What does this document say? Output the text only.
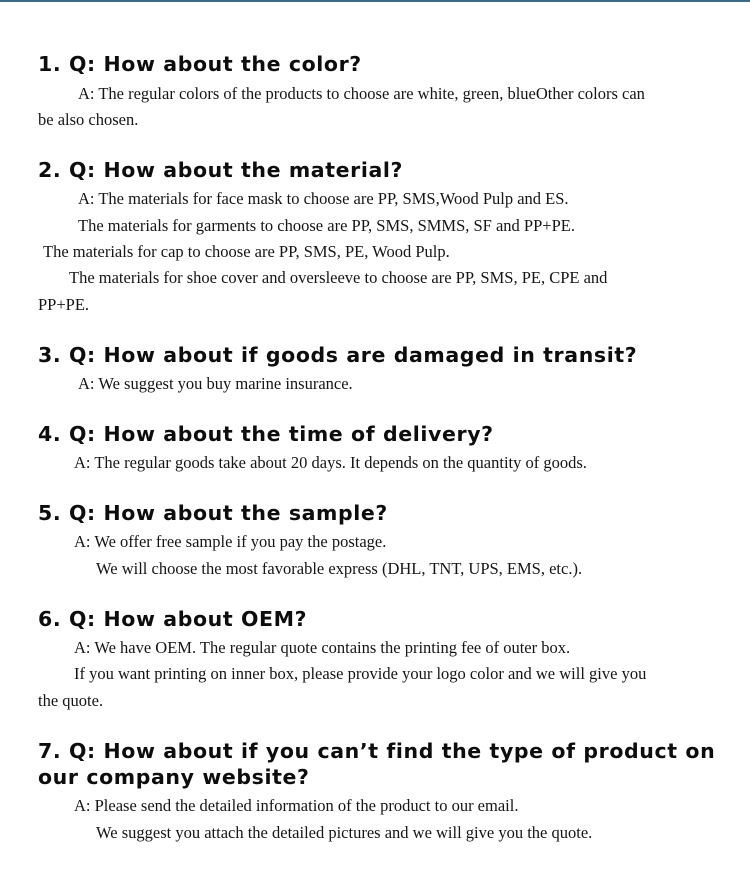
1. Q: How about the color?

A: The regular colors of the products to choose are white, green, blueOther colors can

be also chosen.

2. Q: How about the material?

A: The materials for face mask to choose are PP, SMS,Wood Pulp and ES.

The materials for garments to choose are PP, SMS, SMMS, SF and PP+PE.

The materials for cap to choose are PP, SMS, PE, Wood Pulp.

The materials for shoe cover and oversleeve to choose are PP, SMS, PE, CPE and

PP+PE.

3. Q: How about if goods are damaged in transit?

A: We suggest you buy marine insurance.

4. Q: How about the time of delivery?

A: The regular goods take about 20 days. It depends on the quantity of goods.

5. Q: How about the sample?

A: We offer free sample if you pay the postage.

We will choose the most favorable express (DHL, TNT, UPS, EMS, etc.).

6. Q: How about OEM?

A: We have OEM. The regular quote contains the printing fee of outer box.

If you want printing on inner box, please provide your logo color and we will give you

the quote.

7. Q: How about if you can’t find the type of product on our company website?

A: Please send the detailed information of the product to our email.

We suggest you attach the detailed pictures and we will give you the quote.
